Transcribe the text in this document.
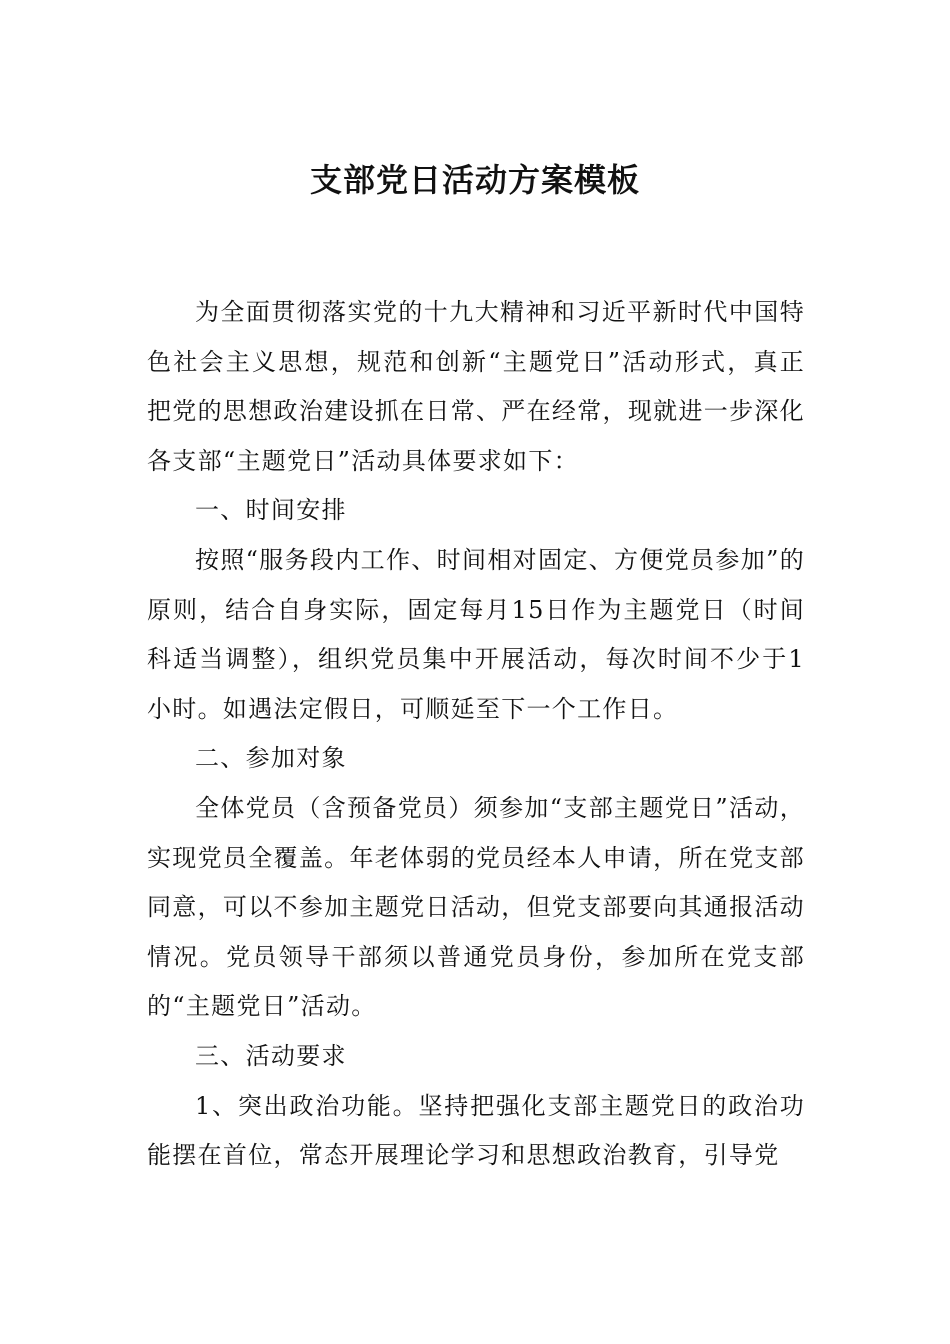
支部党日活动方案模板

为全面贯彻落实党的十九大精神和习近平新时代中国特色社会主义思想，规范和创新“主题党日”活动形式，真正把党的思想政治建设抓在日常、严在经常，现就进一步深化各支部“主题党日”活动具体要求如下：

一、时间安排

按照“服务段内工作、时间相对固定、方便党员参加”的原则，结合自身实际，固定每月15日作为主题党日（时间科适当调整），组织党员集中开展活动，每次时间不少于1小时。如遇法定假日，可顺延至下一个工作日。

二、参加对象

全体党员（含预备党员）须参加“支部主题党日”活动，实现党员全覆盖。年老体弱的党员经本人申请，所在党支部同意，可以不参加主题党日活动，但党支部要向其通报活动情况。党员领导干部须以普通党员身份，参加所在党支部的“主题党日”活动。

三、活动要求

1、突出政治功能。坚持把强化支部主题党日的政治功能摆在首位，常态开展理论学习和思想政治教育，引导党
